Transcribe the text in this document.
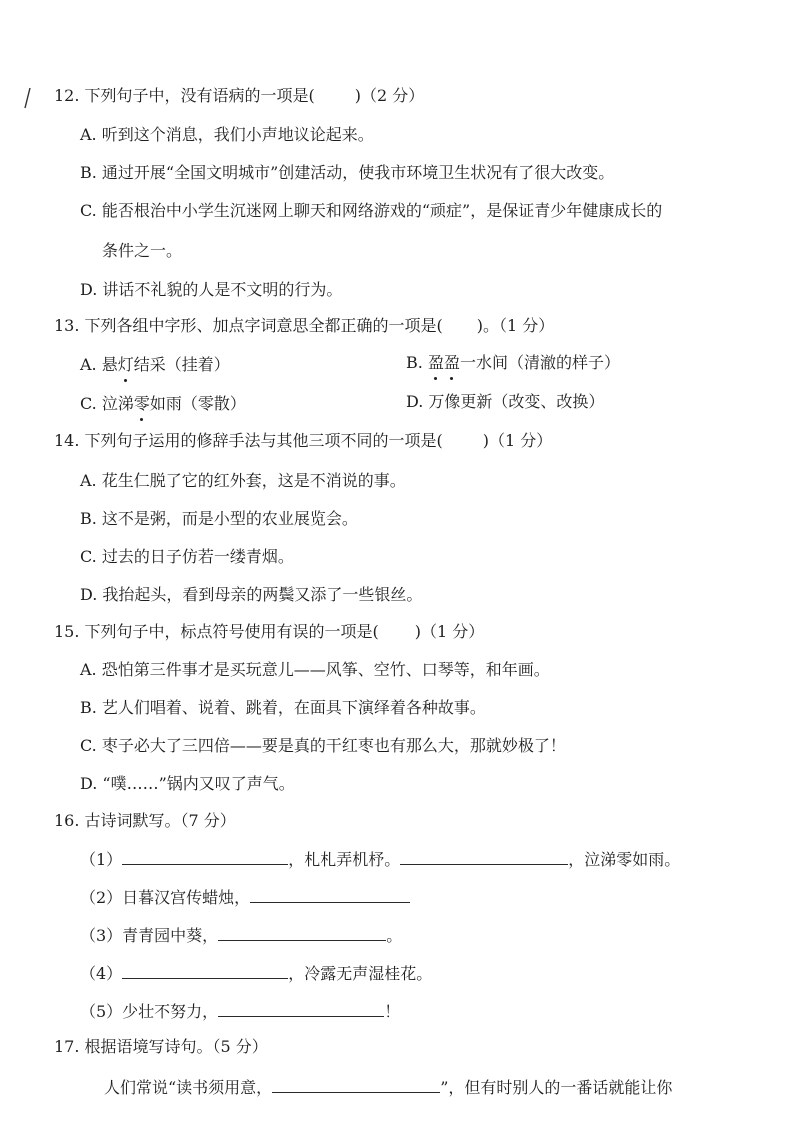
12. 下列句子中，没有语病的一项是(	)（2 分）
A. 听到这个消息，我们小声地议论起来。
B. 通过开展“全国文明城市”创建活动，使我市环境卫生状况有了很大改变。
C. 能否根治中小学生沉迷网上聊天和网络游戏的“顽症”，是保证青少年健康成长的
条件之一。
D. 讲话不礼貌的人是不文明的行为。
13. 下列各组中字形、加点字词意思全都正确的一项是( )。（1 分）
A. 悬灯结采（挂着）	B. 盈盈一水间（清澈的样子）
C. 泣涕零如雨（零散）	D. 万像更新（改变、改换）
14. 下列句子运用的修辞手法与其他三项不同的一项是(	)（1 分）
A. 花生仁脱了它的红外套，这是不消说的事。
B. 这不是粥，而是小型的农业展览会。
C. 过去的日子仿若一缕青烟。
D. 我抬起头，看到母亲的两鬓又添了一些银丝。
15. 下列句子中，标点符号使用有误的一项是( )（1 分）
A. 恐怕第三件事才是买玩意儿——风筝、空竹、口琴等，和年画。
B. 艺人们唱着、说着、跳着，在面具下演绎着各种故事。
C. 枣子必大了三四倍——要是真的干红枣也有那么大，那就妙极了！
D. “噗……”锅内又叹了声气。
16. 古诗词默写。（7 分）
（1）	，札札弄机杼。	，泣涕零如雨。
（2）日暮汉宫传蜡烛，
（3）青青园中葵，	。
（4）	，冷露无声湿桂花。
（5）少壮不努力，	！
17. 根据语境写诗句。（5 分）
人们常说“读书须用意，	”，但有时别人的一番话就能让你
